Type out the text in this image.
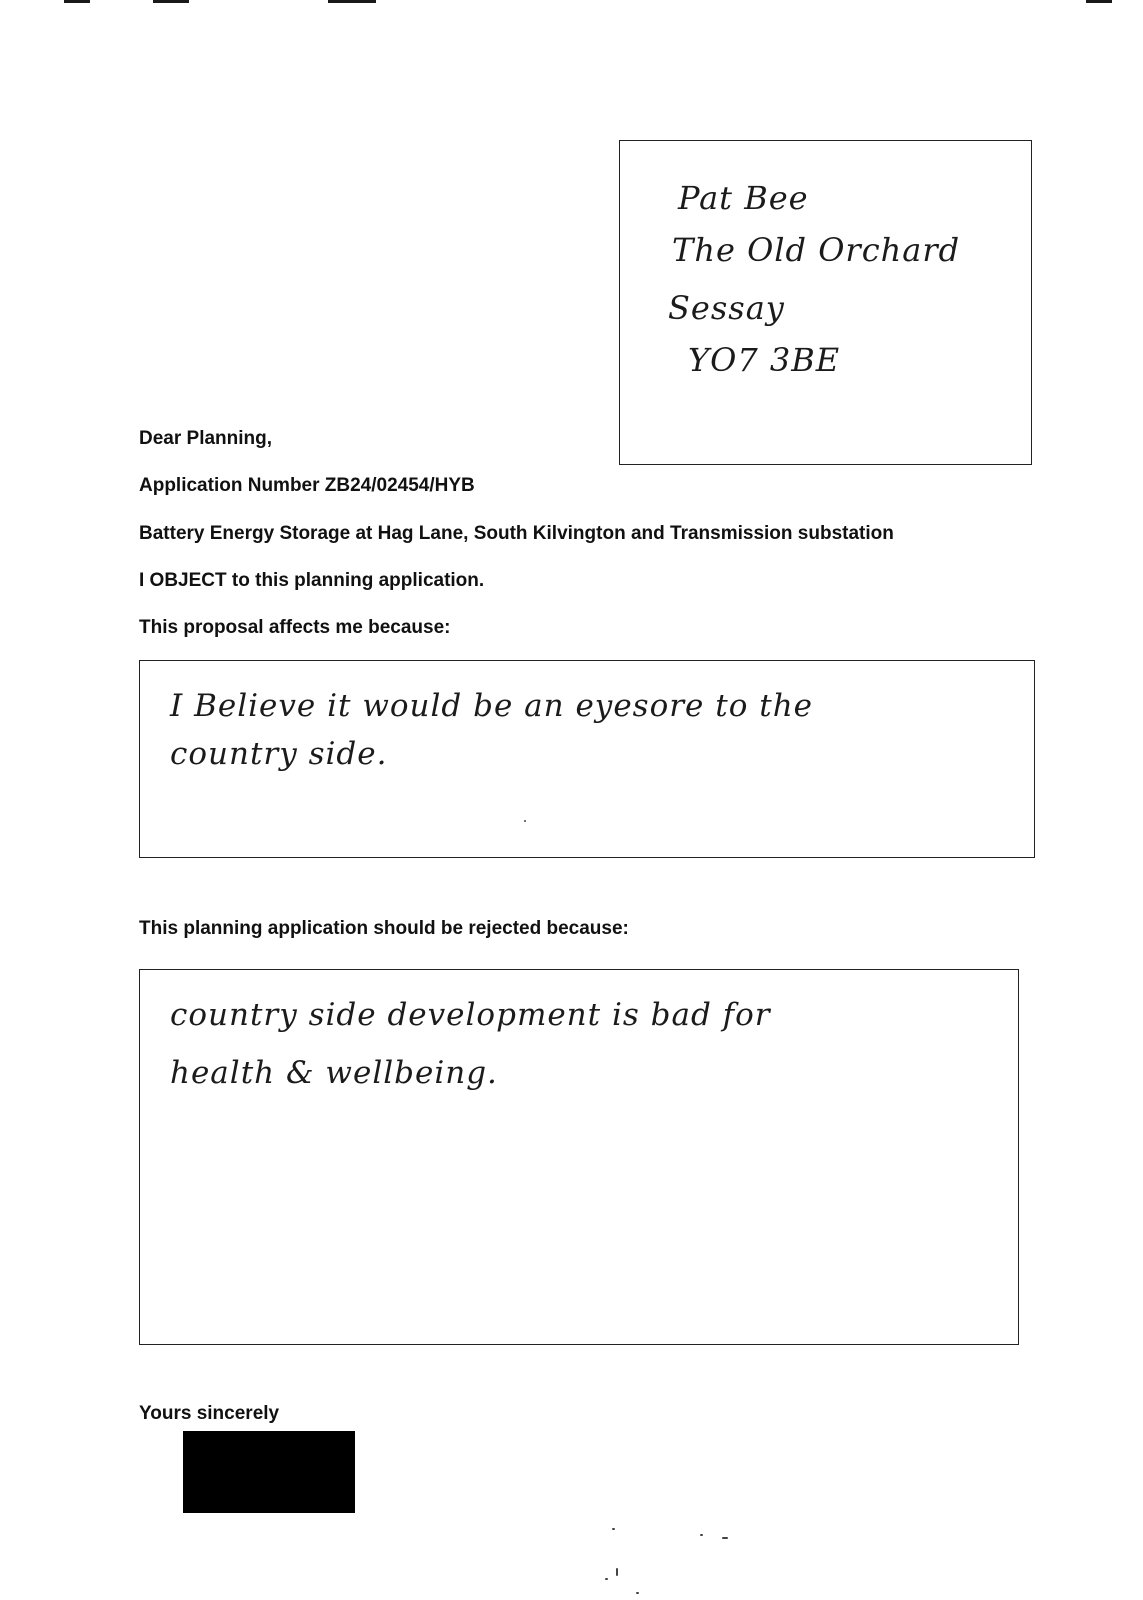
Pat Bee
The Old Orchard
Sessay
YO7 3BE
Dear Planning,
Application Number ZB24/02454/HYB
Battery Energy Storage at Hag Lane, South Kilvington and Transmission substation
I OBJECT to this planning application.
This proposal affects me because:
I Believe it would be an eyesore to the
country side.
This planning application should be rejected because:
country side development is bad for
health & wellbeing.
Yours sincerely
